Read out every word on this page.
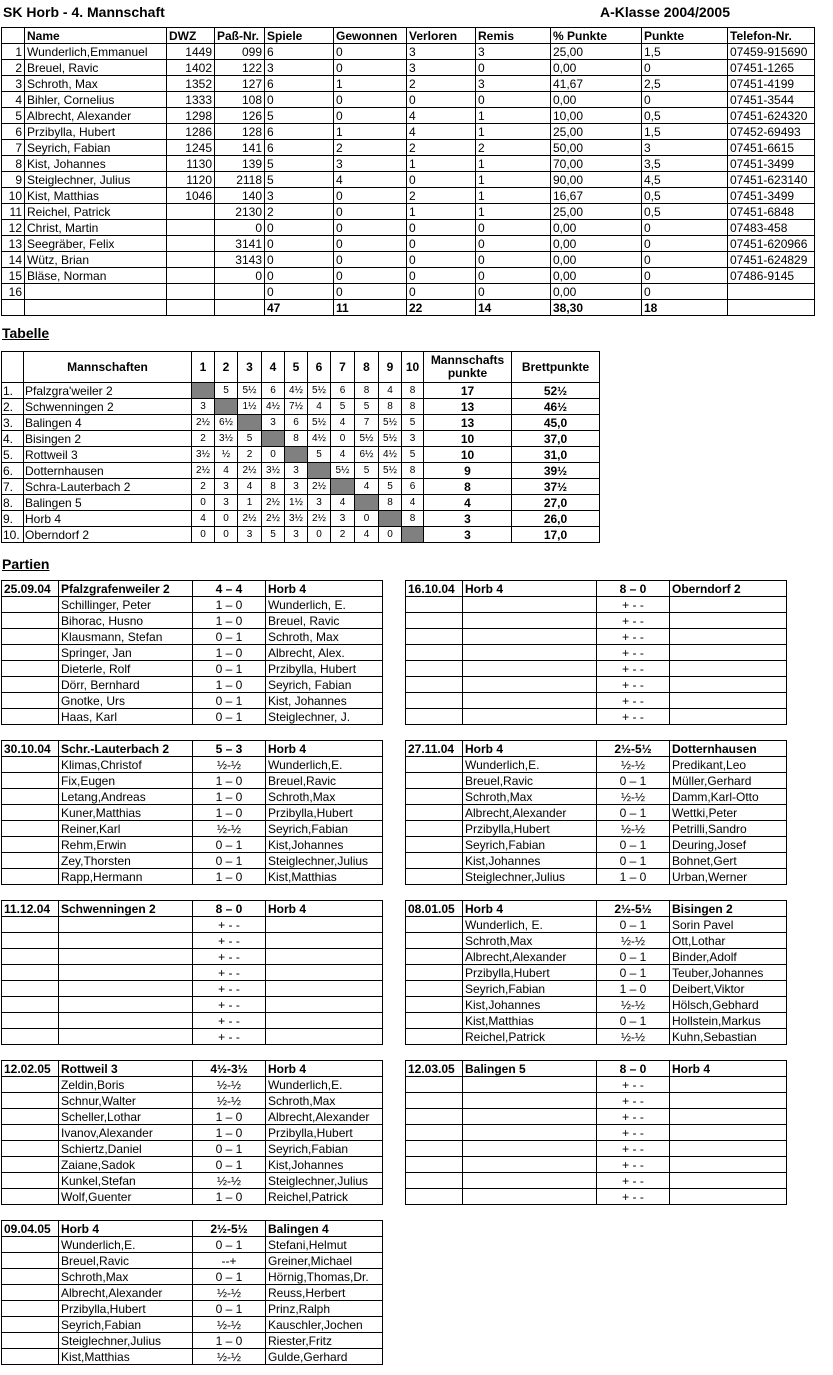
SK Horb - 4. Mannschaft	A-Klasse 2004/2005
	Name	DWZ	Paß-Nr.	Spiele	Gewonnen	Verloren	Remis	% Punkte	Punkte	Telefon-Nr.
1	Wunderlich,Emmanuel	1449	099	6	0	3	3	25,00	1,5	07459-915690
2	Breuel, Ravic	1402	122	3	0	3	0	0,00	0	07451-1265
3	Schroth, Max	1352	127	6	1	2	3	41,67	2,5	07451-4199
4	Bihler, Cornelius	1333	108	0	0	0	0	0,00	0	07451-3544
5	Albrecht, Alexander	1298	126	5	0	4	1	10,00	0,5	07451-624320
6	Przibylla, Hubert	1286	128	6	1	4	1	25,00	1,5	07452-69493
7	Seyrich, Fabian	1245	141	6	2	2	2	50,00	3	07451-6615
8	Kist, Johannes	1130	139	5	3	1	1	70,00	3,5	07451-3499
9	Steiglechner, Julius	1120	2118	5	4	0	1	90,00	4,5	07451-623140
10	Kist, Matthias	1046	140	3	0	2	1	16,67	0,5	07451-3499
11	Reichel, Patrick		2130	2	0	1	1	25,00	0,5	07451-6848
12	Christ, Martin		0	0	0	0	0	0,00	0	07483-458
13	Seegräber, Felix		3141	0	0	0	0	0,00	0	07451-620966
14	Wütz, Brian		3143	0	0	0	0	0,00	0	07451-624829
15	Bläse, Norman		0	0	0	0	0	0,00	0	07486-9145
16				0	0	0	0	0,00	0	
				47	11	22	14	38,30	18	
Tabelle
	Mannschaften	1	2	3	4	5	6	7	8	9	10	Mannschafts punkte	Brettpunkte
1.	Pfalzgra'weiler 2		5	5½	6	4½	5½	6	8	4	8	17	52½
2.	Schwenningen 2	3		1½	4½	7½	4	5	5	8	8	13	46½
3.	Balingen 4	2½	6½		3	6	5½	4	7	5½	5	13	45,0
4.	Bisingen 2	2	3½	5		8	4½	0	5½	5½	3	10	37,0
5.	Rottweil 3	3½	½	2	0		5	4	6½	4½	5	10	31,0
6.	Dotternhausen	2½	4	2½	3½	3		5½	5	5½	8	9	39½
7.	Schra-Lauterbach 2	2	3	4	8	3	2½		4	5	6	8	37½
8.	Balingen 5	0	3	1	2½	1½	3	4		8	4	4	27,0
9.	Horb 4	4	0	2½	2½	3½	2½	3	0		8	3	26,0
10.	Oberndorf 2	0	0	3	5	3	0	2	4	0		3	17,0
Partien
25.09.04	Pfalzgrafenweiler 2	4 – 4	Horb 4
	Schillinger, Peter	1 – 0	Wunderlich, E.
	Bihorac, Husno	1 – 0	Breuel, Ravic
	Klausmann, Stefan	0 – 1	Schroth, Max
	Springer, Jan	1 – 0	Albrecht, Alex.
	Dieterle, Rolf	0 – 1	Przibylla, Hubert
	Dörr, Bernhard	1 – 0	Seyrich, Fabian
	Gnotke, Urs	0 – 1	Kist, Johannes
	Haas, Karl	0 – 1	Steiglechner, J.
16.10.04	Horb 4	8 – 0	Oberndorf 2
		+ - -	
		+ - -	
		+ - -	
		+ - -	
		+ - -	
		+ - -	
		+ - -	
		+ - -	
30.10.04	Schr.-Lauterbach 2	5 – 3	Horb 4
	Klimas,Christof	½-½	Wunderlich,E.
	Fix,Eugen	1 – 0	Breuel,Ravic
	Letang,Andreas	1 – 0	Schroth,Max
	Kuner,Matthias	1 – 0	Przibylla,Hubert
	Reiner,Karl	½-½	Seyrich,Fabian
	Rehm,Erwin	0 – 1	Kist,Johannes
	Zey,Thorsten	0 – 1	Steiglechner,Julius
	Rapp,Hermann	1 – 0	Kist,Matthias
27.11.04	Horb 4	2½-5½	Dotternhausen
	Wunderlich,E.	½-½	Predikant,Leo
	Breuel,Ravic	0 – 1	Müller,Gerhard
	Schroth,Max	½-½	Damm,Karl-Otto
	Albrecht,Alexander	0 – 1	Wettki,Peter
	Przibylla,Hubert	½-½	Petrilli,Sandro
	Seyrich,Fabian	0 – 1	Deuring,Josef
	Kist,Johannes	0 – 1	Bohnet,Gert
	Steiglechner,Julius	1 – 0	Urban,Werner
11.12.04	Schwenningen 2	8 – 0	Horb 4
		+ - -	
		+ - -	
		+ - -	
		+ - -	
		+ - -	
		+ - -	
		+ - -	
		+ - -	
08.01.05	Horb 4	2½-5½	Bisingen 2
	Wunderlich, E.	0 – 1	Sorin Pavel
	Schroth,Max	½-½	Ott,Lothar
	Albrecht,Alexander	0 – 1	Binder,Adolf
	Przibylla,Hubert	0 – 1	Teuber,Johannes
	Seyrich,Fabian	1 – 0	Deibert,Viktor
	Kist,Johannes	½-½	Hölsch,Gebhard
	Kist,Matthias	0 – 1	Hollstein,Markus
	Reichel,Patrick	½-½	Kuhn,Sebastian
12.02.05	Rottweil 3	4½-3½	Horb 4
	Zeldin,Boris	½-½	Wunderlich,E.
	Schnur,Walter	½-½	Schroth,Max
	Scheller,Lothar	1 – 0	Albrecht,Alexander
	Ivanov,Alexander	1 – 0	Przibylla,Hubert
	Schiertz,Daniel	0 – 1	Seyrich,Fabian
	Zaiane,Sadok	0 – 1	Kist,Johannes
	Kunkel,Stefan	½-½	Steiglechner,Julius
	Wolf,Guenter	1 – 0	Reichel,Patrick
12.03.05	Balingen 5	8 – 0	Horb 4
		+ - -	
		+ - -	
		+ - -	
		+ - -	
		+ - -	
		+ - -	
		+ - -	
		+ - -	
09.04.05	Horb 4	2½-5½	Balingen 4
	Wunderlich,E.	0 – 1	Stefani,Helmut
	Breuel,Ravic	--+	Greiner,Michael
	Schroth,Max	0 – 1	Hörnig,Thomas,Dr.
	Albrecht,Alexander	½-½	Reuss,Herbert
	Przibylla,Hubert	0 – 1	Prinz,Ralph
	Seyrich,Fabian	½-½	Kauschler,Jochen
	Steiglechner,Julius	1 – 0	Riester,Fritz
	Kist,Matthias	½-½	Gulde,Gerhard
